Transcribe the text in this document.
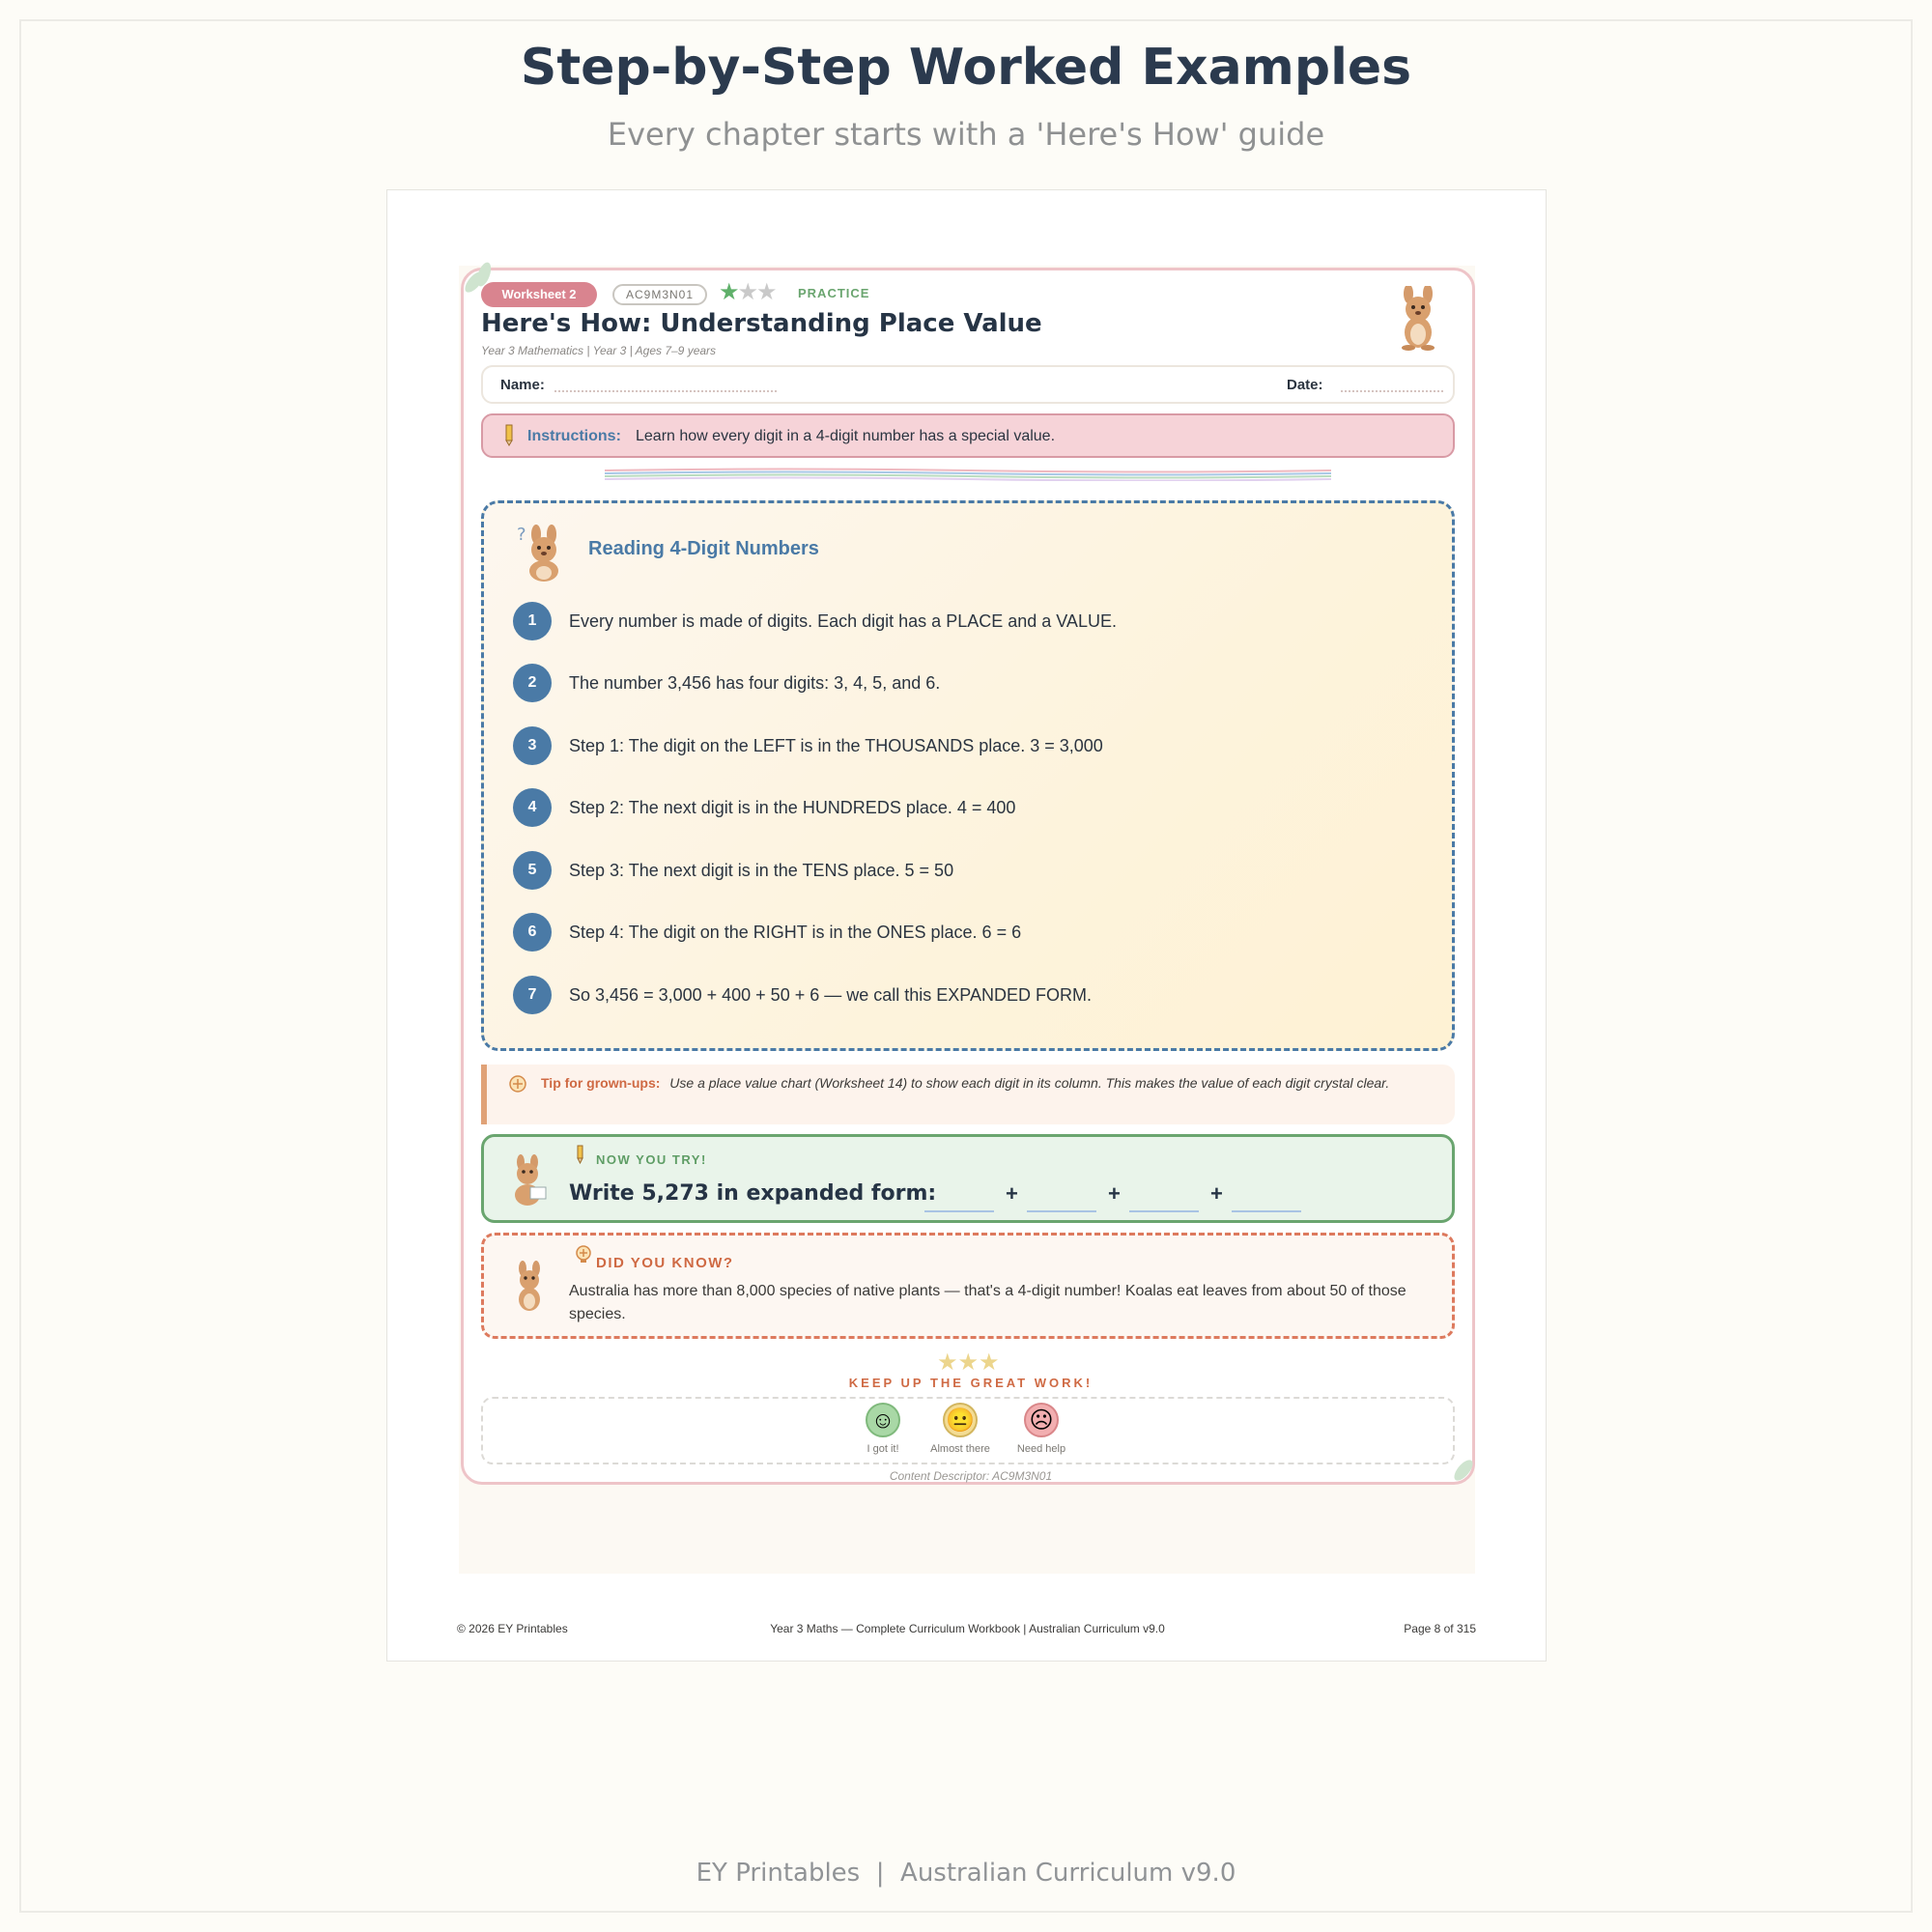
Step-by-Step Worked Examples
Every chapter starts with a 'Here's How' guide
Worksheet 2	AC9M3N01	★★★ PRACTICE
Here's How: Understanding Place Value
Year 3 Mathematics | Year 3 | Ages 7–9 years
Name:	Date:
Instructions: Learn how every digit in a 4-digit number has a special value.
?
Reading 4-Digit Numbers
1	Every number is made of digits. Each digit has a PLACE and a VALUE.
2	The number 3,456 has four digits: 3, 4, 5, and 6.
3	Step 1: The digit on the LEFT is in the THOUSANDS place. 3 = 3,000
4	Step 2: The next digit is in the HUNDREDS place. 4 = 400
5	Step 3: The next digit is in the TENS place. 5 = 50
6	Step 4: The digit on the RIGHT is in the ONES place. 6 = 6
7	So 3,456 = 3,000 + 400 + 50 + 6 — we call this EXPANDED FORM.
Tip for grown-ups: Use a place value chart (Worksheet 14) to show each digit in its column. This makes the value of each digit crystal clear.
NOW YOU TRY!
Write 5,273 in expanded form:	+	+	+
DID YOU KNOW?
Australia has more than 8,000 species of native plants — that's a 4-digit number! Koalas eat leaves from about 50 of those species.
★★★
KEEP UP THE GREAT WORK!
☺
I got it!
😐
Almost there
☹
Need help
Content Descriptor: AC9M3N01
© 2026 EY Printables	Year 3 Maths — Complete Curriculum Workbook | Australian Curriculum v9.0	Page 8 of 315
EY Printables  |  Australian Curriculum v9.0
